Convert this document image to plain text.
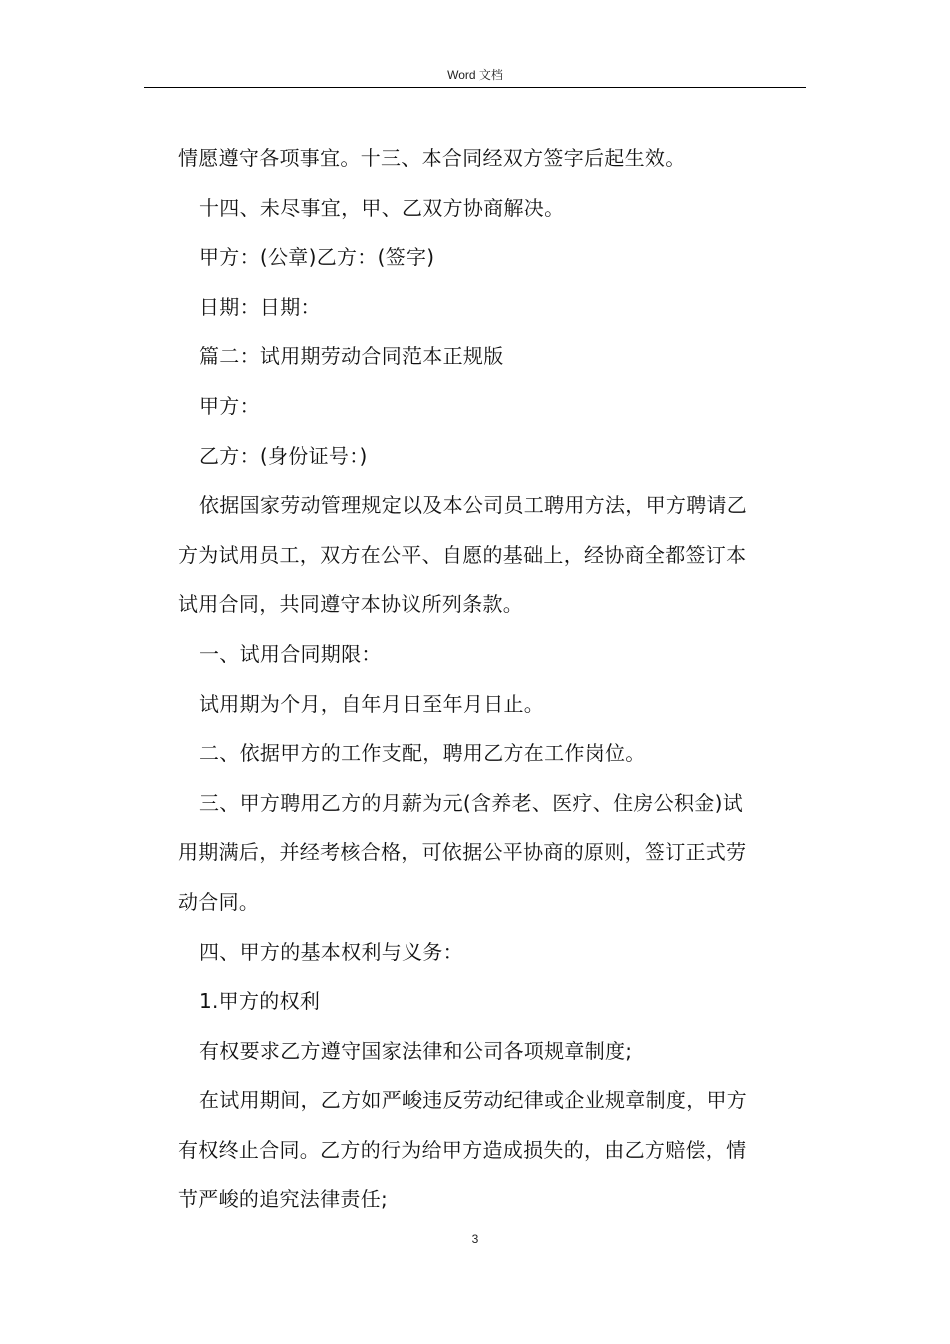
Word 文档

情愿遵守各项事宜。十三、本合同经双方签字后起生效。

十四、未尽事宜，甲、乙双方协商解决。

甲方：(公章)乙方：(签字)

日期：日期：

篇二：试用期劳动合同范本正规版

甲方：

乙方：(身份证号：)

依据国家劳动管理规定以及本公司员工聘用方法，甲方聘请乙

方为试用员工，双方在公平、自愿的基础上，经协商全都签订本

试用合同，共同遵守本协议所列条款。

一、试用合同期限：

试用期为个月，自年月日至年月日止。

二、依据甲方的工作支配，聘用乙方在工作岗位。

三、甲方聘用乙方的月薪为元(含养老、医疗、住房公积金)试

用期满后，并经考核合格，可依据公平协商的原则，签订正式劳

动合同。

四、甲方的基本权利与义务：

1.甲方的权利

有权要求乙方遵守国家法律和公司各项规章制度;

在试用期间，乙方如严峻违反劳动纪律或企业规章制度，甲方

有权终止合同。乙方的行为给甲方造成损失的，由乙方赔偿，情

节严峻的追究法律责任;

3
